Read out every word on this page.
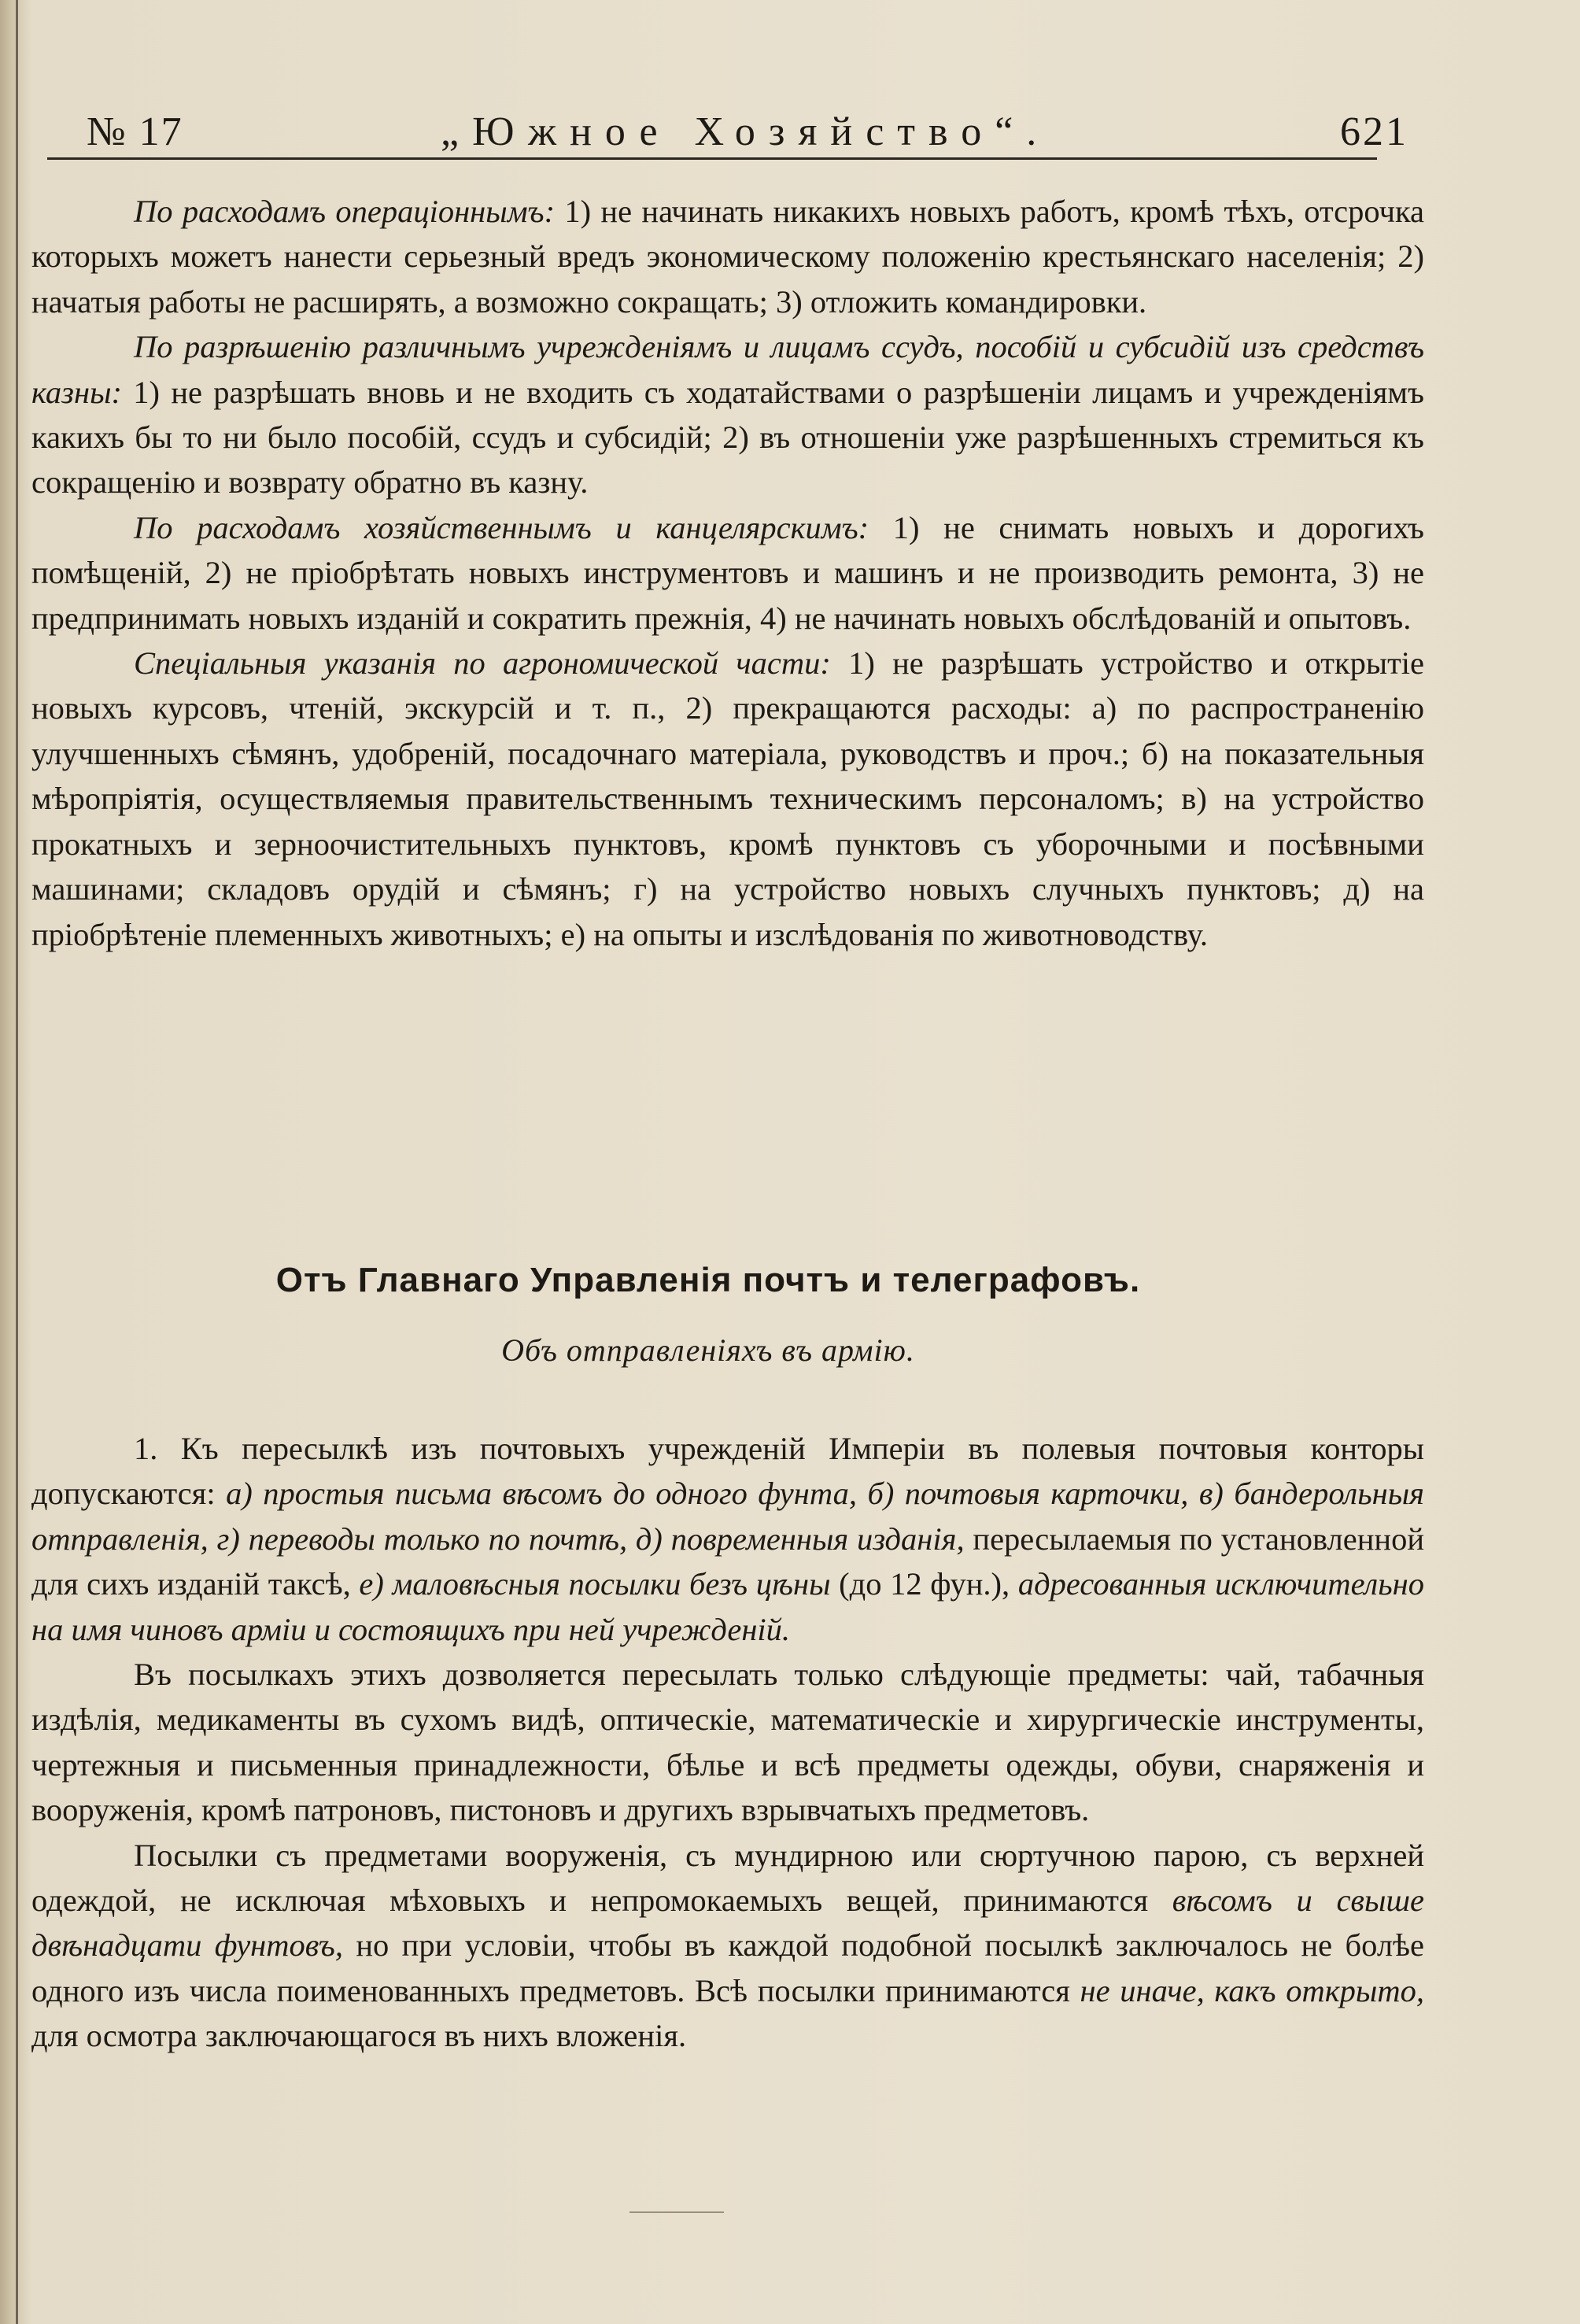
№ 17	„Южное Хозяйство“.	621

По расходамъ операціоннымъ: 1) не начинать никакихъ новыхъ работъ, кромѣ тѣхъ, отсрочка которыхъ можетъ нанести серьезный вредъ экономическому положенію крестьянскаго населенія; 2) начатыя работы не расширять, а возможно сокращать; 3) отложить командировки.

По разрѣшенію различнымъ учрежденіямъ и лицамъ ссудъ, пособій и субсидій изъ средствъ казны: 1) не разрѣшать вновь и не входить съ ходатайствами о разрѣшеніи лицамъ и учрежденіямъ какихъ бы то ни было пособій, ссудъ и субсидій; 2) въ отношеніи уже разрѣшенныхъ стремиться къ сокращенію и возврату обратно въ казну.

По расходамъ хозяйственнымъ и канцелярскимъ: 1) не снимать новыхъ и дорогихъ помѣщеній, 2) не пріобрѣтать новыхъ инструментовъ и машинъ и не производить ремонта, 3) не предпринимать новыхъ изданій и сократить прежнія, 4) не начинать новыхъ обслѣдованій и опытовъ.

Спеціальныя указанія по агрономической части: 1) не разрѣшать устройство и открытіе новыхъ курсовъ, чтеній, экскурсій и т. п., 2) прекращаются расходы: а) по распространенію улучшенныхъ сѣмянъ, удобреній, посадочнаго матеріала, руководствъ и проч.; б) на показательныя мѣропріятія, осуществляемыя правительственнымъ техническимъ персоналомъ; в) на устройство прокатныхъ и зерноочистительныхъ пунктовъ, кромѣ пунктовъ съ уборочными и посѣвными машинами; складовъ орудій и сѣмянъ; г) на устройство новыхъ случныхъ пунктовъ; д) на пріобрѣтеніе племенныхъ животныхъ; е) на опыты и изслѣдованія по животноводству.

Отъ Главнаго Управленія почтъ и телеграфовъ.
Объ отправленіяхъ въ армію.

1. Къ пересылкѣ изъ почтовыхъ учрежденій Имперіи въ полевыя почтовыя конторы допускаются: а) простыя письма вѣсомъ до одного фунта, б) почтовыя карточки, в) бандерольныя отправленія, г) переводы только по почтѣ, д) повременныя изданія, пересылаемыя по установленной для сихъ изданій таксѣ, е) маловѣсныя посылки безъ цѣны (до 12 фун.), адресованныя исключительно на имя чиновъ арміи и состоящихъ при ней учрежденій.

Въ посылкахъ этихъ дозволяется пересылать только слѣдующіе предметы: чай, табачныя издѣлія, медикаменты въ сухомъ видѣ, оптическіе, математическіе и хирургическіе инструменты, чертежныя и письменныя принадлежности, бѣлье и всѣ предметы одежды, обуви, снаряженія и вооруженія, кромѣ патроновъ, пистоновъ и другихъ взрывчатыхъ предметовъ.

Посылки съ предметами вооруженія, съ мундирною или сюртучною парою, съ верхней одеждой, не исключая мѣховыхъ и непромокаемыхъ вещей, принимаются вѣсомъ и свыше двѣнадцати фунтовъ, но при условіи, чтобы въ каждой подобной посылкѣ заключалось не болѣе одного изъ числа поименованныхъ предметовъ. Всѣ посылки принимаются не иначе, какъ открыто, для осмотра заключающагося въ нихъ вложенія.
